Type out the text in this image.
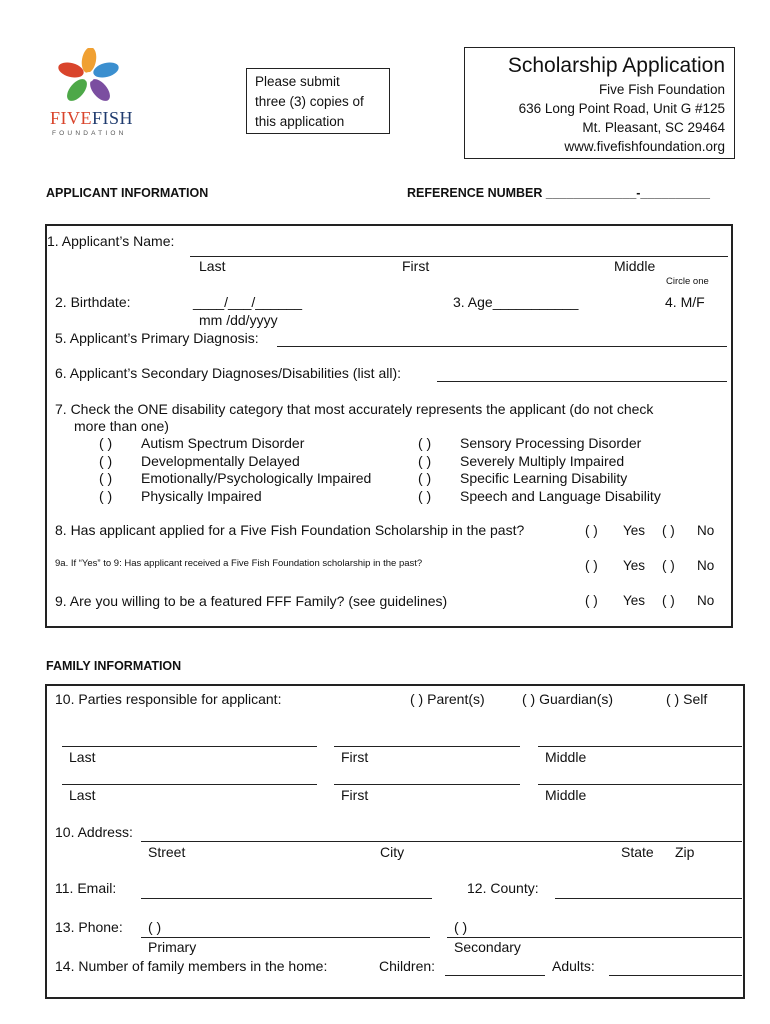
FIVEFISH
FOUNDATION
Please submit
three (3) copies of
this application
Scholarship Application
Five Fish Foundation
636 Long Point Road, Unit G #125
Mt. Pleasant, SC 29464
www.fivefishfoundation.org
APPLICANT INFORMATION	REFERENCE NUMBER _____________-__________
1. Applicant’s Name:
Last	First	Middle
Circle one
2. Birthdate:	____/___/______
mm /dd/yyyy
3. Age___________	4. M/F
5. Applicant’s Primary Diagnosis:
6. Applicant’s Secondary Diagnoses/Disabilities (list all):
7. Check the ONE disability category that most accurately represents the applicant (do not check
more than one)
( ) Autism Spectrum Disorder
( ) Developmentally Delayed
( ) Emotionally/Psychologically Impaired
( ) Physically Impaired
( ) Sensory Processing Disorder
( ) Severely Multiply Impaired
( ) Specific Learning Disability
( ) Speech and Language Disability
8. Has applicant applied for a Five Fish Foundation Scholarship in the past?	( ) Yes ( ) No
9a. If “Yes” to 9: Has applicant received a Five Fish Foundation scholarship in the past?	( ) Yes ( ) No
9. Are you willing to be a featured FFF Family? (see guidelines)	( ) Yes ( ) No
FAMILY INFORMATION
10. Parties responsible for applicant:	( ) Parent(s)	( ) Guardian(s)	( ) Self
Last	First	Middle
Last	First	Middle
10. Address:
Street	City	State Zip
11. Email:	12. County:
13. Phone: ( )
Primary
( )
Secondary
14. Number of family members in the home:	Children:	Adults:
